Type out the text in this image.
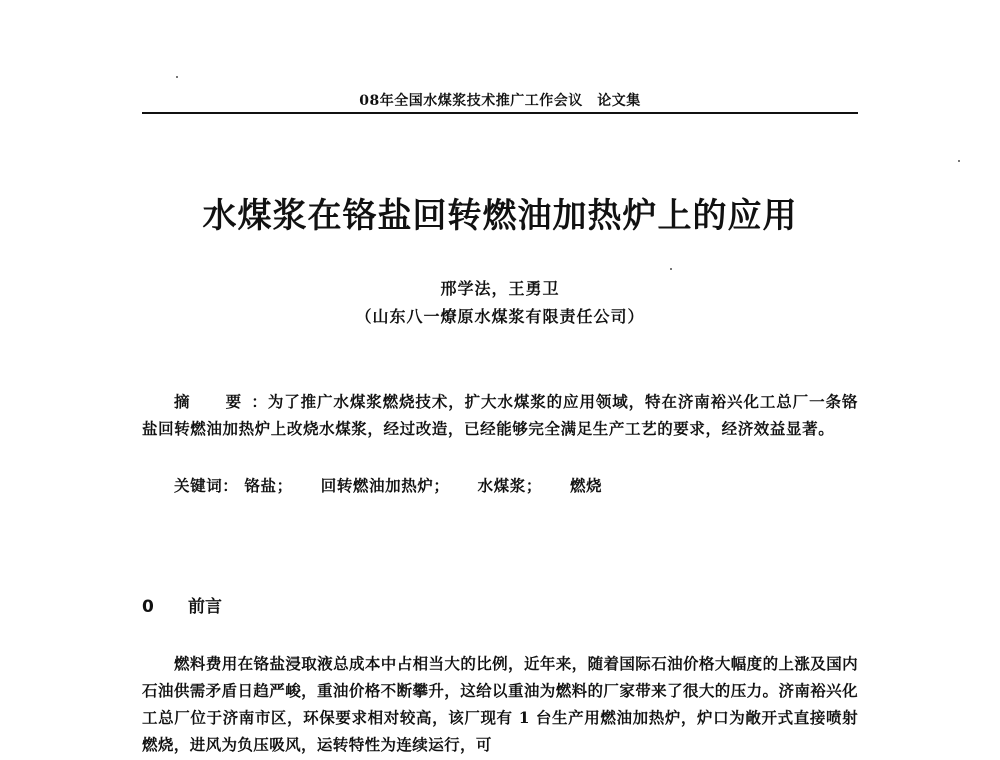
08年全国水煤浆技术推广工作会议　论文集
水煤浆在铬盐回转燃油加热炉上的应用
邢学法，王勇卫
（山东八一燎原水煤浆有限责任公司）

摘　要：为了推广水煤浆燃烧技术，扩大水煤浆的应用领域，特在济南裕兴化工总厂一条铬盐回转燃油加热炉上改烧水煤浆，经过改造，已经能够完全满足生产工艺的要求，经济效益显著。

关键词： 铬盐； 回转燃油加热炉； 水煤浆； 燃烧
0 前言

燃料费用在铬盐浸取液总成本中占相当大的比例，近年来，随着国际石油价格大幅度的上涨及国内石油供需矛盾日趋严峻，重油价格不断攀升，这给以重油为燃料的厂家带来了很大的压力。济南裕兴化工总厂位于济南市区，环保要求相对较高，该厂现有 1 台生产用燃油加热炉，炉口为敞开式直接喷射燃烧，进风为负压吸风，运转特性为连续运行，可
